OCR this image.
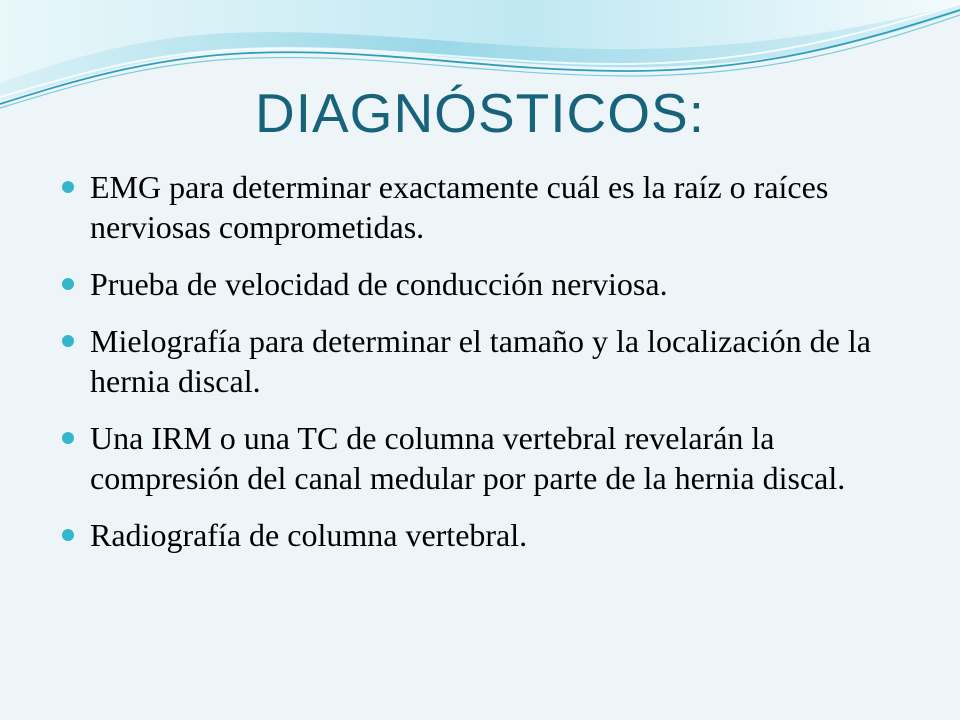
DIAGNÓSTICOS:
EMG para determinar exactamente cuál es la raíz o raíces nerviosas comprometidas.
Prueba de velocidad de conducción nerviosa.
Mielografía para determinar el tamaño y la localización de la hernia discal.
Una IRM o una TC de columna vertebral revelarán la compresión del canal medular por parte de la hernia discal.
Radiografía de columna vertebral.
